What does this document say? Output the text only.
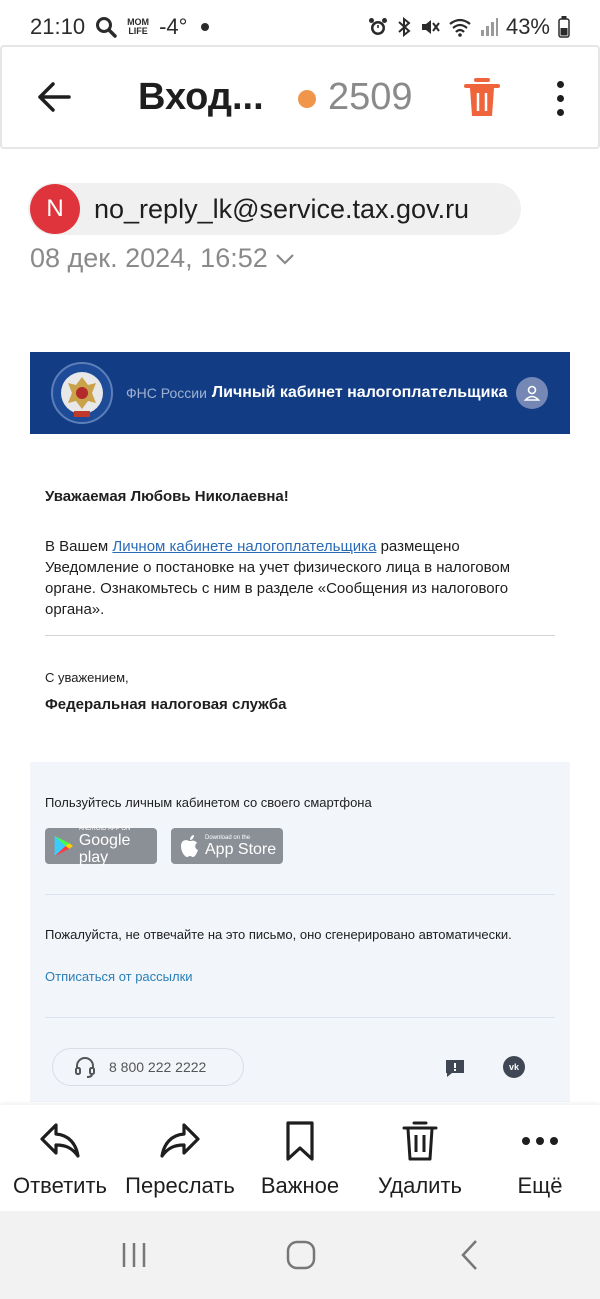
21:10	MOM
LIFE -4°	43%
Вход... 2509
N	no_reply_lk@service.tax.gov.ru
08 дек. 2024, 16:52
ФНС России Личный кабинет налогоплательщика
Уважаемая Любовь Николаевна!
В Вашем Личном кабинете налогоплательщика размещено Уведомление о постановке на учет физического лица в налоговом органе. Ознакомьтесь с ним в разделе «Сообщения из налогового органа».
С уважением,
Федеральная налоговая служба
Пользуйтесь личным кабинетом со своего смартфона
ANDROID APP ON
Google play
Download on the
App Store
Пожалуйста, не отвечайте на это письмо, оно сгенерировано автоматически.
Отписаться от рассылки
8 800 222 2222	vk
Ответить Переслать Важное Удалить	Ещё
